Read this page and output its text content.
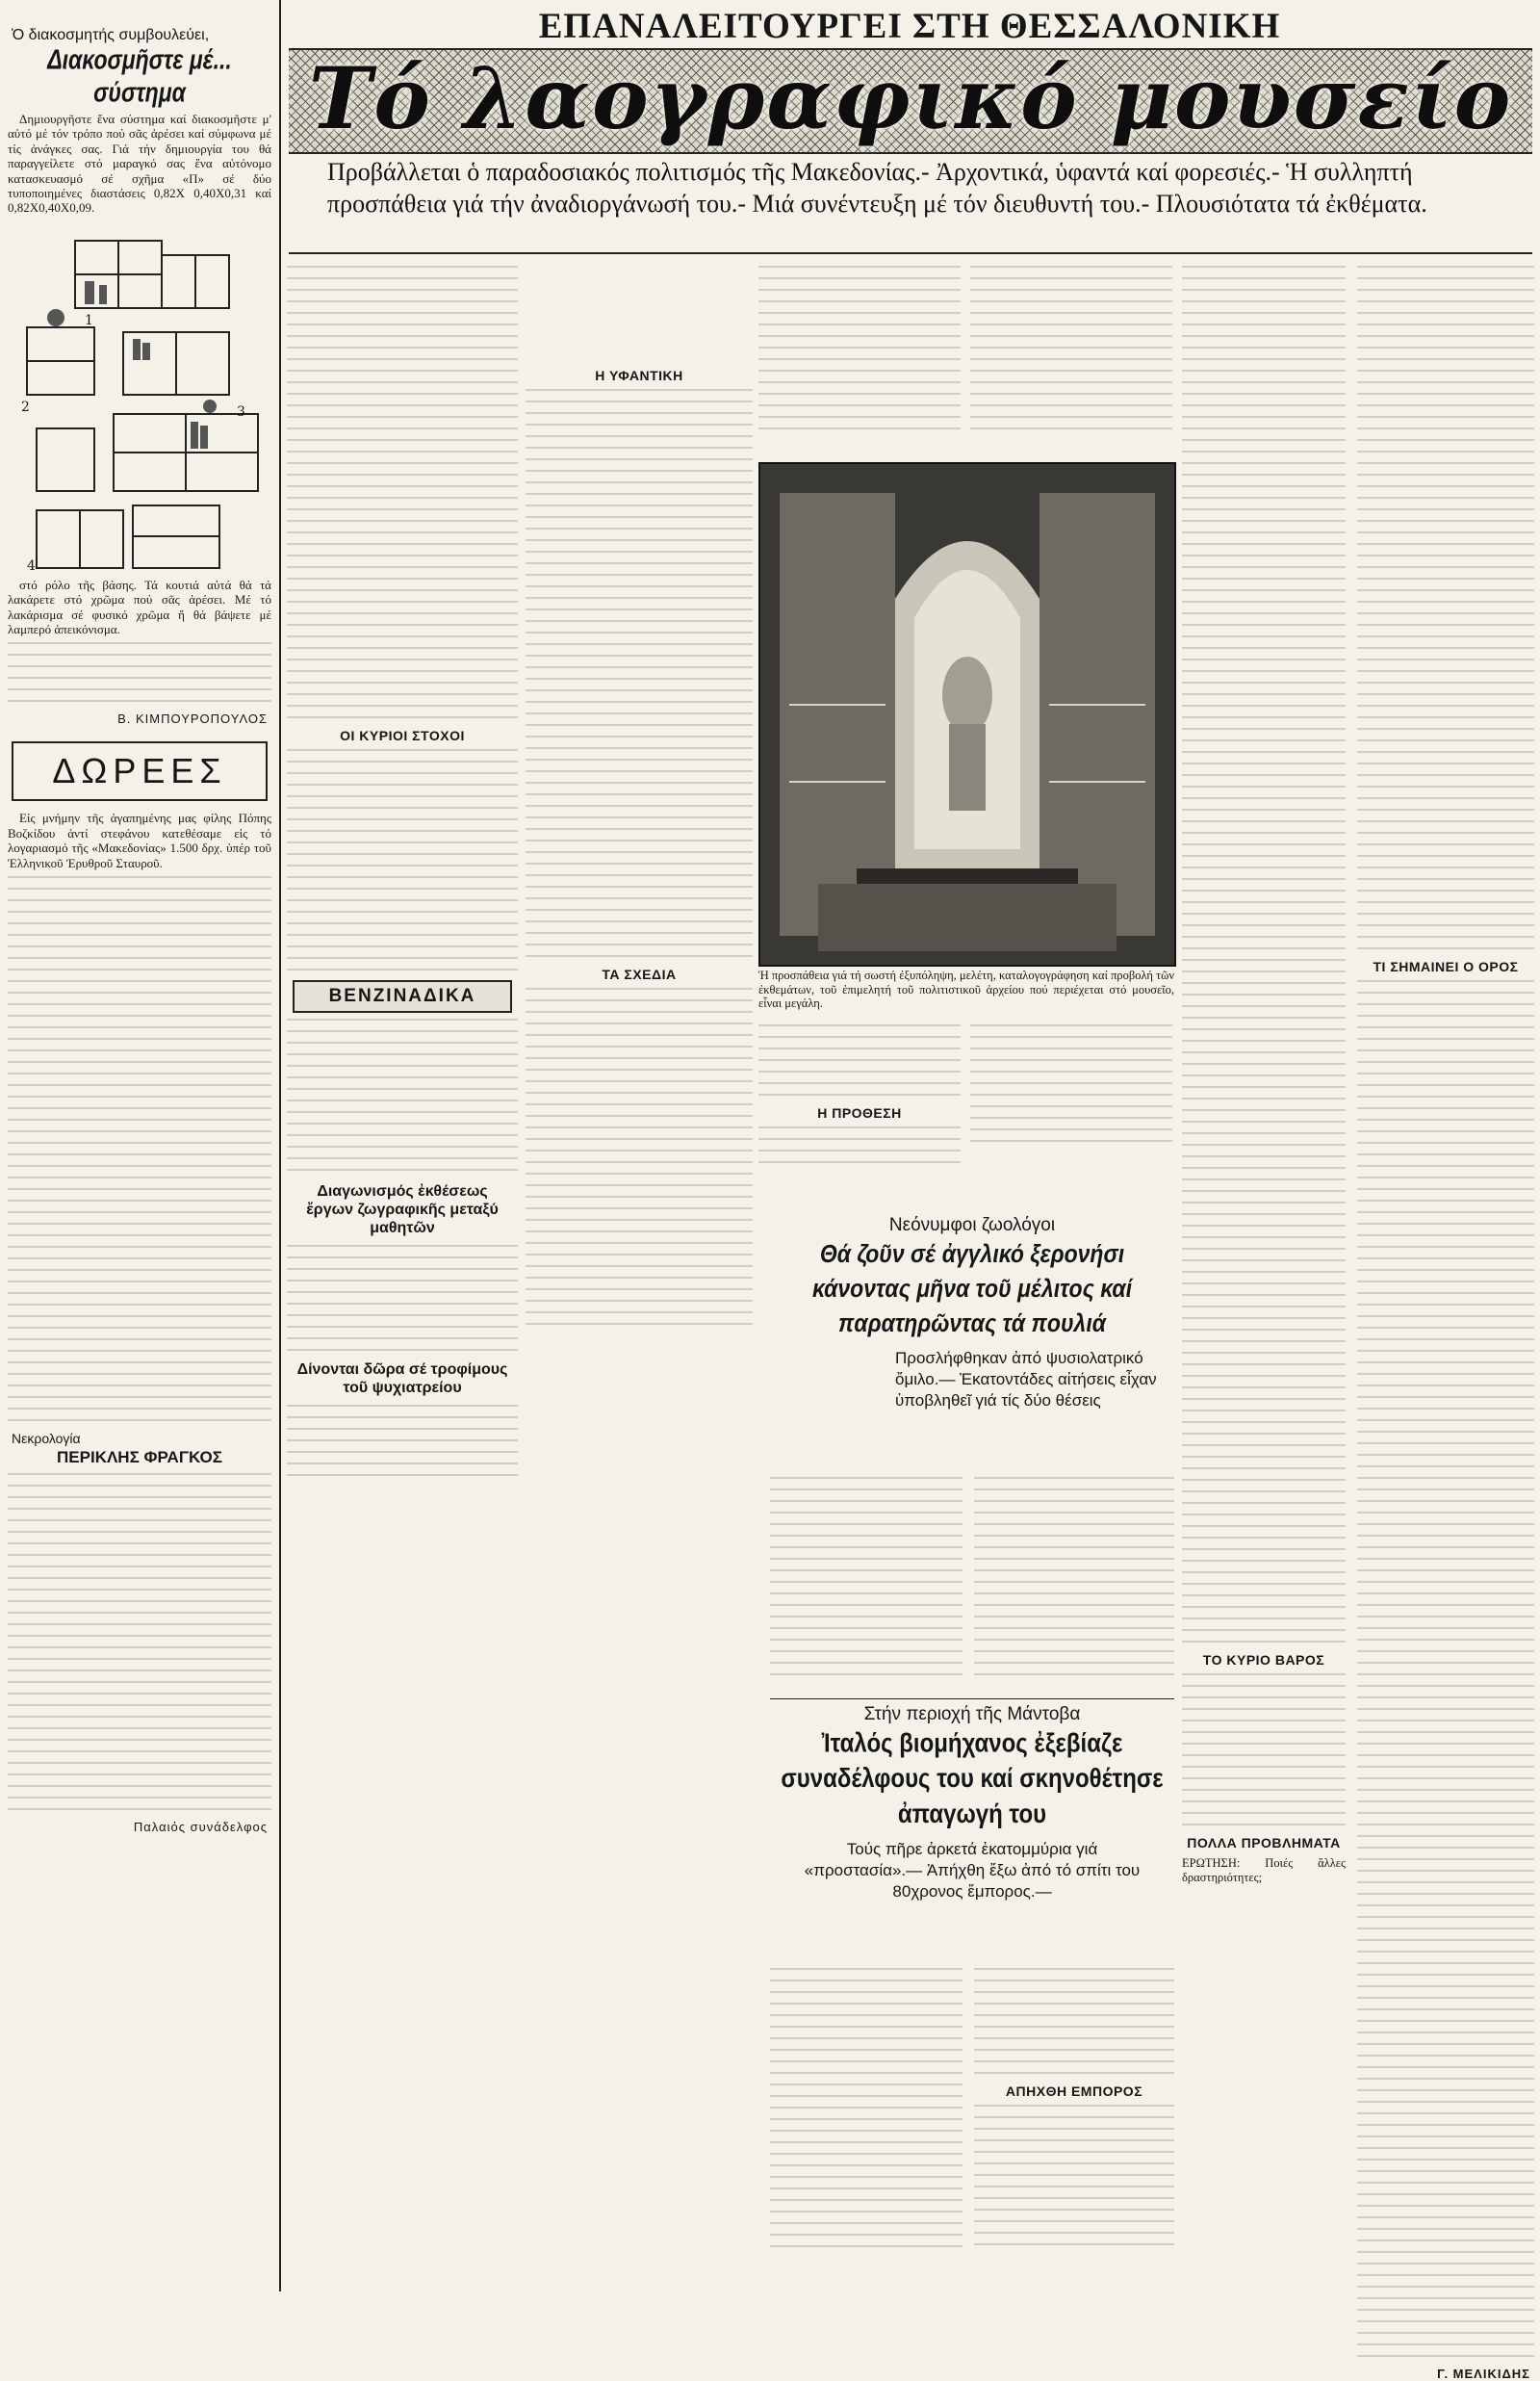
Ὁ διακοσμητής συμβουλεύει,
Διακοσμῆστε μέ... σύστημα

Δημιουργῆστε ἕνα σύστημα καί διακοσμῆστε μ' αὐτό μέ τόν τρόπο πού σᾶς ἀρέσει καί σύμφωνα μέ τίς ἀνάγκες σας. Γιά τήν δημιουργία του θά παραγγείλετε στό μαραγκό σας ἕνα αὐτόνομο κατασκευασμό σέ σχῆμα «Π» σέ δύο τυποποιημένες διαστάσεις 0,82Χ 0,40Χ0,31 καί 0,82Χ0,40Χ0,09.

1
2	3
4

στό ρόλο τῆς βάσης. Τά κουτιά αὐτά θά τά λακάρετε στό χρῶμα πού σᾶς ἀρέσει. Μέ τό λακάρισμα σέ φυσικό χρῶμα ἤ θά βάψετε μέ λαμπερό ἀπεικόνισμα.

Β. ΚΙΜΠΟΥΡΟΠΟΥΛΟΣ
ΔΩΡΕΕΣ

Εἰς μνήμην τῆς ἀγαπημένης μας φίλης Πόπης Βοζκίδου ἀντί στεφάνου κατεθέσαμε εἰς τό λογαριασμό τῆς «Μακεδονίας» 1.500 δρχ. ὑπέρ τοῦ Ἑλληνικοῦ Ἐρυθροῦ Σταυροῦ.

Νεκρολογία
ΠΕΡΙΚΛΗΣ ΦΡΑΓΚΟΣ
Παλαιός συνάδελφος
ΕΠΑΝΑΛΕΙΤΟΥΡΓΕΙ ΣΤΗ ΘΕΣΣΑΛΟΝΙΚΗ
Τό λαογραφικό μουσείο
Προβάλλεται ὁ παραδοσιακός πολιτισμός τῆς Μακεδονίας.- Ἀρχοντικά, ὑφαντά καί φορεσιές.- Ἡ συλληπτή προσπάθεια γιά τήν ἀναδιοργάνωσή του.- Μιά συνέντευξη μέ τόν διευθυντή του.- Πλουσιότατα τά ἐκθέματα.
ΟΙ ΚΥΡΙΟΙ ΣΤΟΧΟΙ
ΒΕΝΖΙΝΑΔΙΚΑ
Διαγωνισμός ἐκθέσεως ἔργων ζωγραφικῆς μεταξύ μαθητῶν
Δίνονται δῶρα σέ τροφίμους τοῦ ψυχιατρείου
Η ΥΦΑΝΤΙΚΗ
ΤΑ ΣΧΕΔΙΑ	Ἡ προσπάθεια γιά τή σωστή ἐξυπόληψη, μελέτη, καταλογογράφηση καί προβολή τῶν ἐκθεμάτων, τοῦ ἐπιμελητή τοῦ πολιτιστικοῦ ἀρχείου πού περιέχεται στό μουσεῖο, εἶναι μεγάλη.
Η ΠΡΟΘΕΣΗ
Νεόνυμφοι ζωολόγοι
Θά ζοῦν σέ ἀγγλικό ξερονήσι κάνοντας μῆνα τοῦ μέλιτος καί παρατηρῶντας τά πουλιά
Προσλήφθηκαν ἀπό ψυσιολατρικό ὅμιλο.— Ἑκατοντάδες αἰτήσεις εἶχαν ὑποβληθεῖ γιά τίς δύο θέσεις
Στήν περιοχή τῆς Μάντοβα
Ἰταλός βιομήχανος ἐξεβίαζε συναδέλφους του καί σκηνοθέτησε ἀπαγωγή του
Τούς πῆρε ἀρκετά ἑκατομμύρια γιά «προστασία».— Ἀπήχθη ἔξω ἀπό τό σπίτι του 80χρονος ἔμπορος.—
ΑΠΗΧΘΗ ΕΜΠΟΡΟΣ
ΤΟ ΚΥΡΙΟ ΒΑΡΟΣ
ΠΟΛΛΑ ΠΡΟΒΛΗΜΑΤΑ
ΕΡΩΤΗΣΗ: Ποιές ἄλλες δραστηριότητες;
ΤΙ ΣΗΜΑΙΝΕΙ Ο ΟΡΟΣ
Γ. ΜΕΛΙΚΙΔΗΣ
